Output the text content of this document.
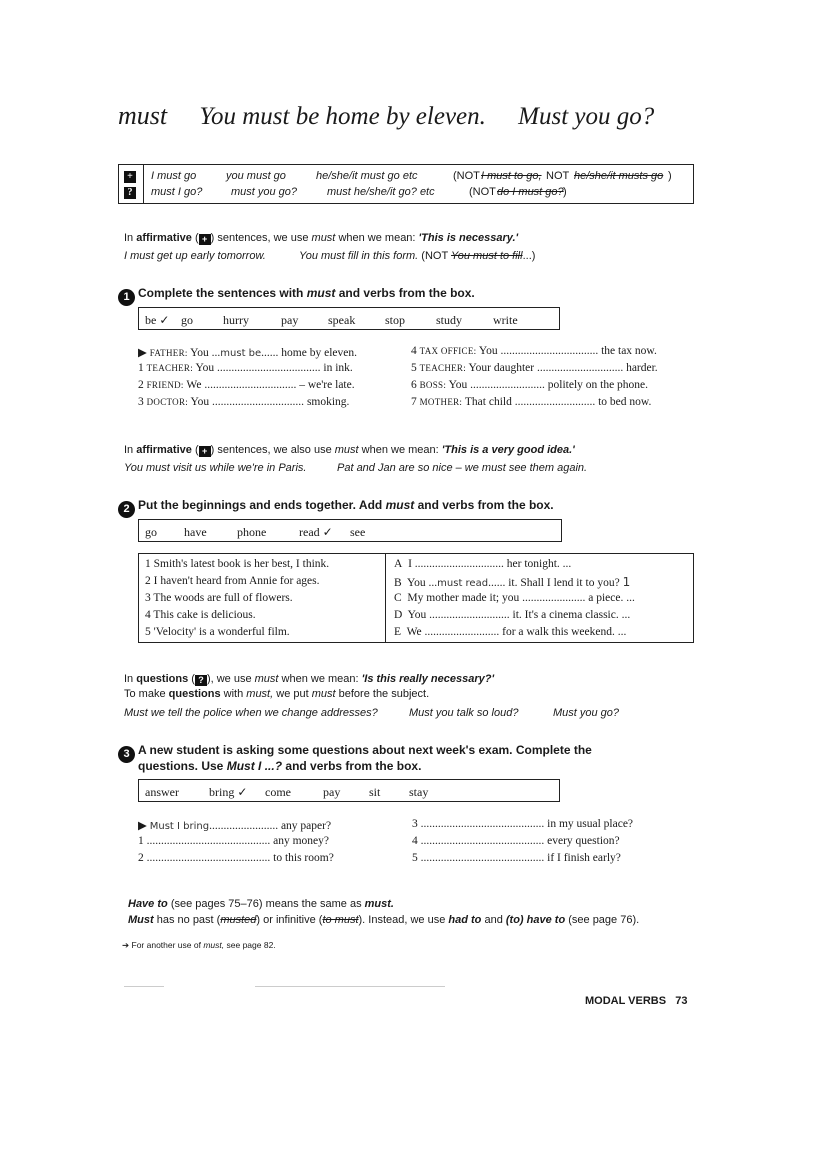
must You must be home by eleven. Must you go?
+
?
I must go	you must go	he/she/it must go etc	(NOT I must to go, NOT he/she/it musts go )
must I go?	must you go?	must he/she/it go? etc	(NOT do I must go? )
In affirmative ( + ) sentences, we use must when we mean: 'This is necessary.'
I must get up early tomorrow.	You must fill in this form. (NOT You must to fill...)
1 Complete the sentences with must and verbs from the box.
be ✓ go	hurry	pay speak stop	study	write
▶ FATHER: You ...must be...... home by eleven.
1 TEACHER: You .................................... in ink.
2 FRIEND: We ................................ – we're late.
3 DOCTOR: You ................................ smoking.
4 TAX OFFICE: You .................................. the tax now.
5 TEACHER: Your daughter .............................. harder.
6 BOSS: You .......................... politely on the phone.
7 MOTHER: That child ............................ to bed now.
In affirmative ( + ) sentences, we also use must when we mean: 'This is a very good idea.'
You must visit us while we're in Paris.	Pat and Jan are so nice – we must see them again.
2 Put the beginnings and ends together. Add must and verbs from the box.
go have	phone	read ✓ see
1 Smith's latest book is her best, I think.
2 I haven't heard from Annie for ages.
3 The woods are full of flowers.
4 This cake is delicious.
5 'Velocity' is a wonderful film.
A I ............................... her tonight. ...
B You ...must read...... it. Shall I lend it to you? 1
C My mother made it; you ...................... a piece. ...
D You ............................ it. It's a cinema classic. ...
E We .......................... for a walk this weekend. ...
In questions ( ? ), we use must when we mean: 'Is this really necessary?'
To make questions with must, we put must before the subject.
Must we tell the police when we change addresses?	Must you talk so loud?	Must you go?
3 A new student is asking some questions about next week's exam. Complete the
questions. Use Must I ...? and verbs from the box.
answer	bring ✓ come	pay sit stay
▶ Must I bring........................ any paper?
1 ........................................... any money?
2 ........................................... to this room?
3 ........................................... in my usual place?
4 ........................................... every question?
5 ........................................... if I finish early?
Have to (see pages 75–76) means the same as must.
Must has no past (musted) or infinitive (to must). Instead, we use had to and (to) have to (see page 76).
➔ For another use of must, see page 82.
MODAL VERBS 73
